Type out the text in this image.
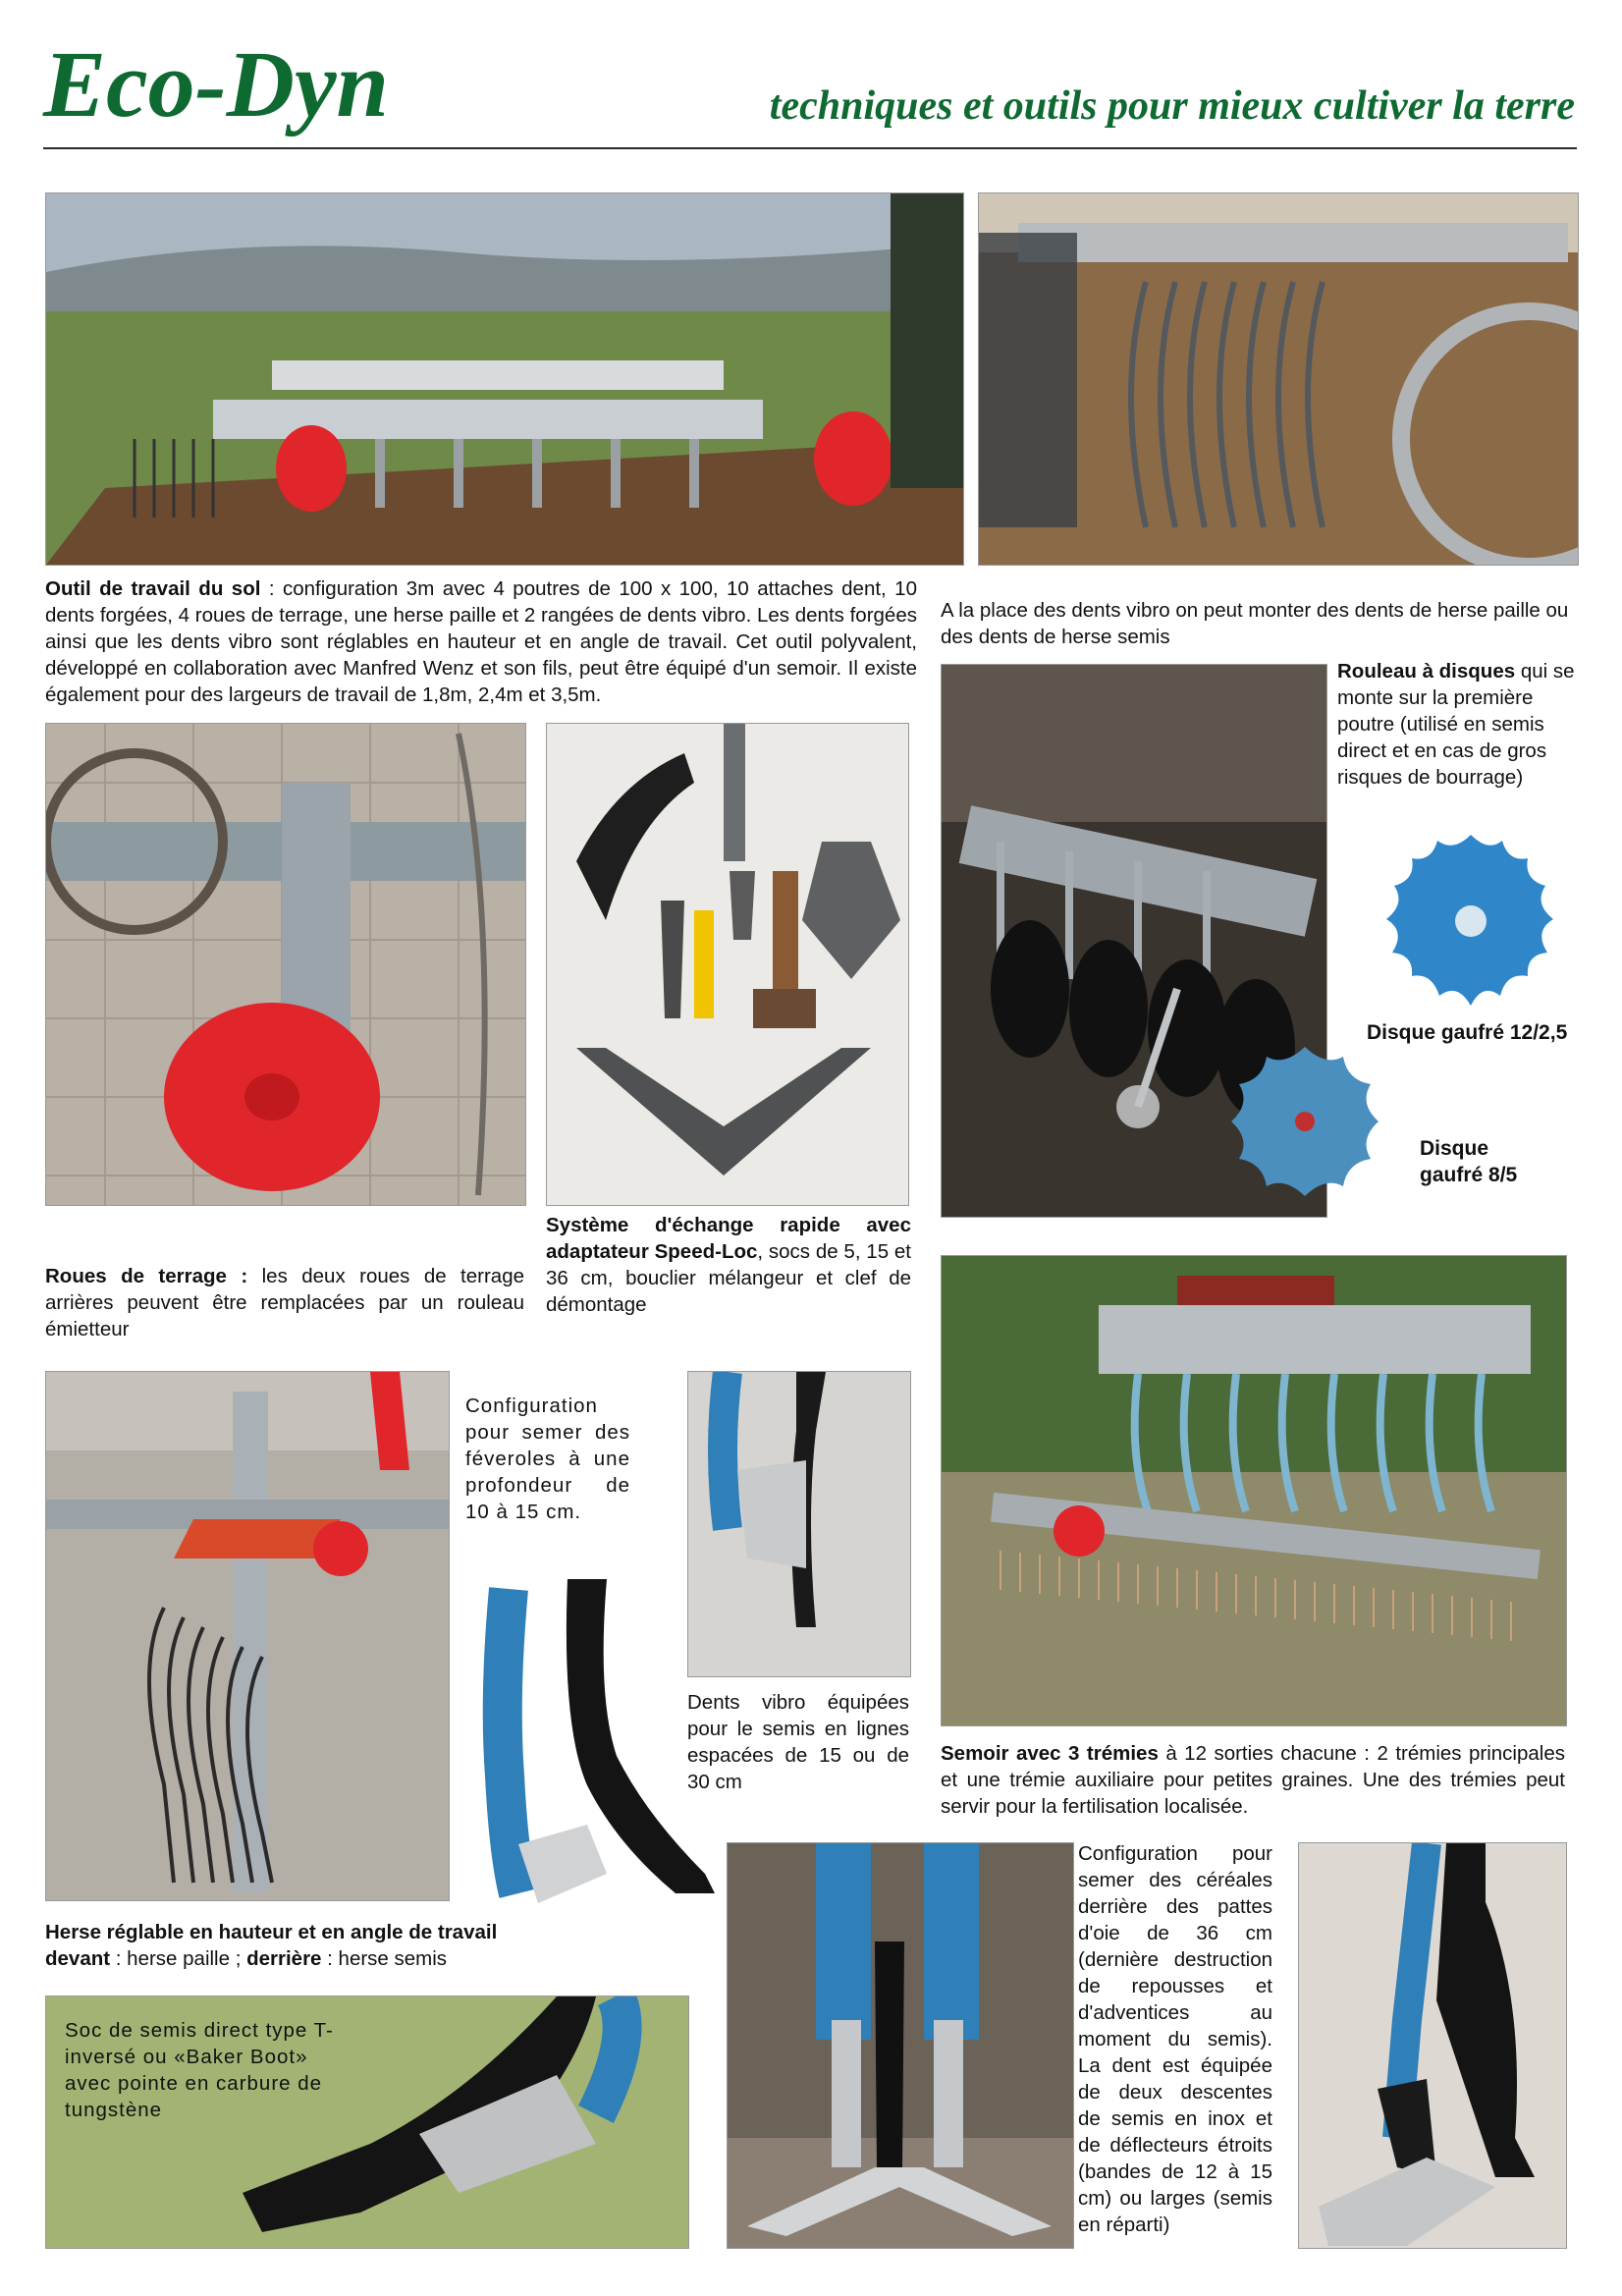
Eco-Dyn	techniques et outils pour mieux cultiver la terre
Outil de travail du sol : configuration 3m avec 4 poutres de 100 x 100, 10 attaches dent, 10 dents forgées, 4 roues de terrage, une herse paille et 2 rangées de dents vibro. Les dents forgées ainsi que les dents vibro sont réglables en hauteur et en angle de travail. Cet outil polyvalent, développé en collaboration avec Manfred Wenz et son fils, peut être équipé d'un semoir. Il existe également pour des largeurs de travail de 1,8m, 2,4m et 3,5m.
A la place des dents vibro on peut monter des dents de herse paille ou des dents de herse semis
Rouleau à disques qui se monte sur la première poutre (utilisé en semis direct et en cas de gros risques de bourrage)
Disque gaufré 12/2,5
Disque gaufré 8/5
Système d'échange rapide avec adaptateur Speed-Loc, socs de 5, 15 et 36 cm, bouclier mélangeur et clef de démontage
Roues de terrage : les deux roues de terrage arrières peuvent être remplacées par un rouleau émietteur
Configuration pour semer des féveroles à une profondeur de 10 à 15 cm.
Dents vibro équipées pour le semis en lignes espacées de 15 ou de 30 cm
Semoir avec 3 trémies à 12 sorties chacune : 2 trémies principales et une trémie auxiliaire pour petites graines. Une des trémies peut servir pour la fertilisation localisée.
Herse réglable en hauteur et en angle de travail
devant : herse paille ; derrière : herse semis
Soc de semis direct type T-inversé ou «Baker Boot» avec pointe en carbure de tungstène
Configuration pour semer des céréales derrière des pattes d'oie de 36 cm (dernière destruction de repousses et d'adventices au moment du semis). La dent est équipée de deux descentes de semis en inox et de déflecteurs étroits (bandes de 12 à 15 cm) ou larges (semis en réparti)
